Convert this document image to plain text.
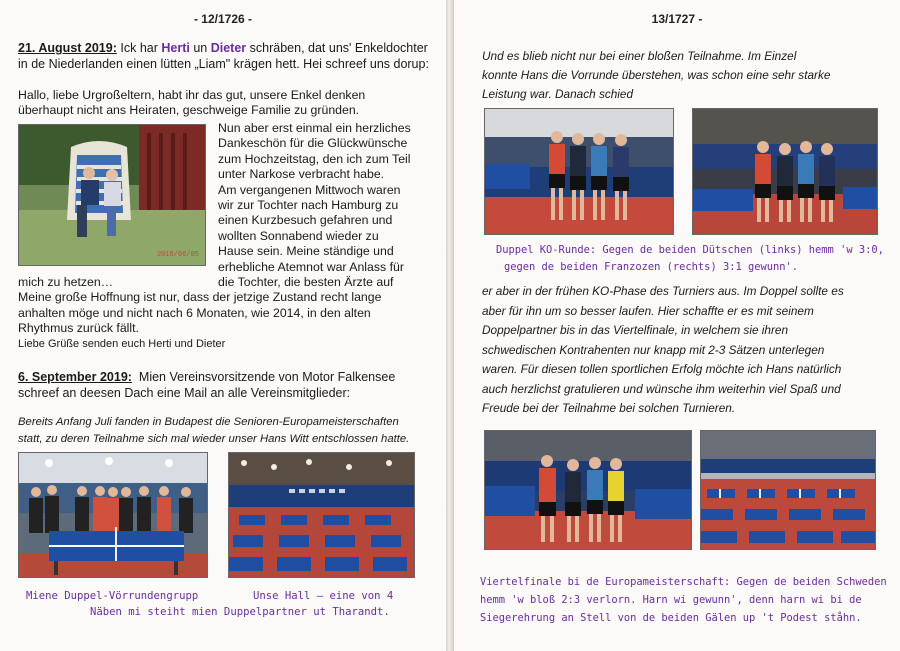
- 12/1726 -
21. August 2019: Ick har Herti un Dieter schräben, dat uns' Enkeldochter
in de Niederlanden einen lütten „Liam" krägen hett. Hei schreef uns dorup:
Hallo, liebe Urgroßeltern, habt ihr das gut, unsere Enkel denken
überhaupt nicht ans Heiraten, geschweige Familie zu gründen.
2018/06/05
Nun aber erst einmal ein herzliches
Dankeschön für die Glückwünsche
zum Hochzeitstag, den ich zum Teil
unter Narkose verbracht habe.
Am vergangenen Mittwoch waren
wir zur Tochter nach Hamburg zu
einen Kurzbesuch gefahren und
wollten Sonnabend wieder zu
Hause sein. Meine ständige und
erhebliche Atemnot war Anlass für
die Tochter, die besten Ärzte auf
mich zu hetzen…
Meine große Hoffnung ist nur, dass der jetzige Zustand recht lange
anhalten möge und nicht nach 6 Monaten, wie 2014, in den alten
Rhythmus zurück fällt.
Liebe Grüße senden euch Herti und Dieter
6. September 2019: Mien Vereinsvorsitzende von Motor Falkensee
schreef an deesen Dach eine Mail an alle Vereinsmitglieder:
Bereits Anfang Juli fanden in Budapest die Senioren-Europameisterschaften
statt, zu deren Teilnahme sich mal wieder unser Hans Witt entschlossen hatte.
Miene Duppel-Vörrundengrupp	Unse Hall – eine von 4
Näben mi steiht mien Duppelpartner ut Tharandt.
13/1727 -
Und es blieb nicht nur bei einer bloßen Teilnahme. Im Einzel
konnte Hans die Vorrunde überstehen, was schon eine sehr starke
Leistung war. Danach schied
Duppel KO-Runde: Gegen de beiden Dütschen (links) hemm 'w 3:0,
gegen de beiden Franzozen (rechts) 3:1 gewunn'.
er aber in der frühen KO-Phase des Turniers aus. Im Doppel sollte es
aber für ihn um so besser laufen. Hier schaffte er es mit seinem
Doppelpartner bis in das Viertelfinale, in welchem sie ihren
schwedischen Kontrahenten nur knapp mit 2-3 Sätzen unterlegen
waren. Für diesen tollen sportlichen Erfolg möchte ich Hans natürlich
auch herzlichst gratulieren und wünsche ihm weiterhin viel Spaß und
Freude bei der Teilnahme bei solchen Turnieren.
Viertelfinale bi de Europameisterschaft: Gegen de beiden Schweden
hemm 'w bloß 2:3 verlorn. Harn wi gewunn', denn harn wi bi de
Siegerehrung an Stell von de beiden Gälen up 't Podest ståhn.
